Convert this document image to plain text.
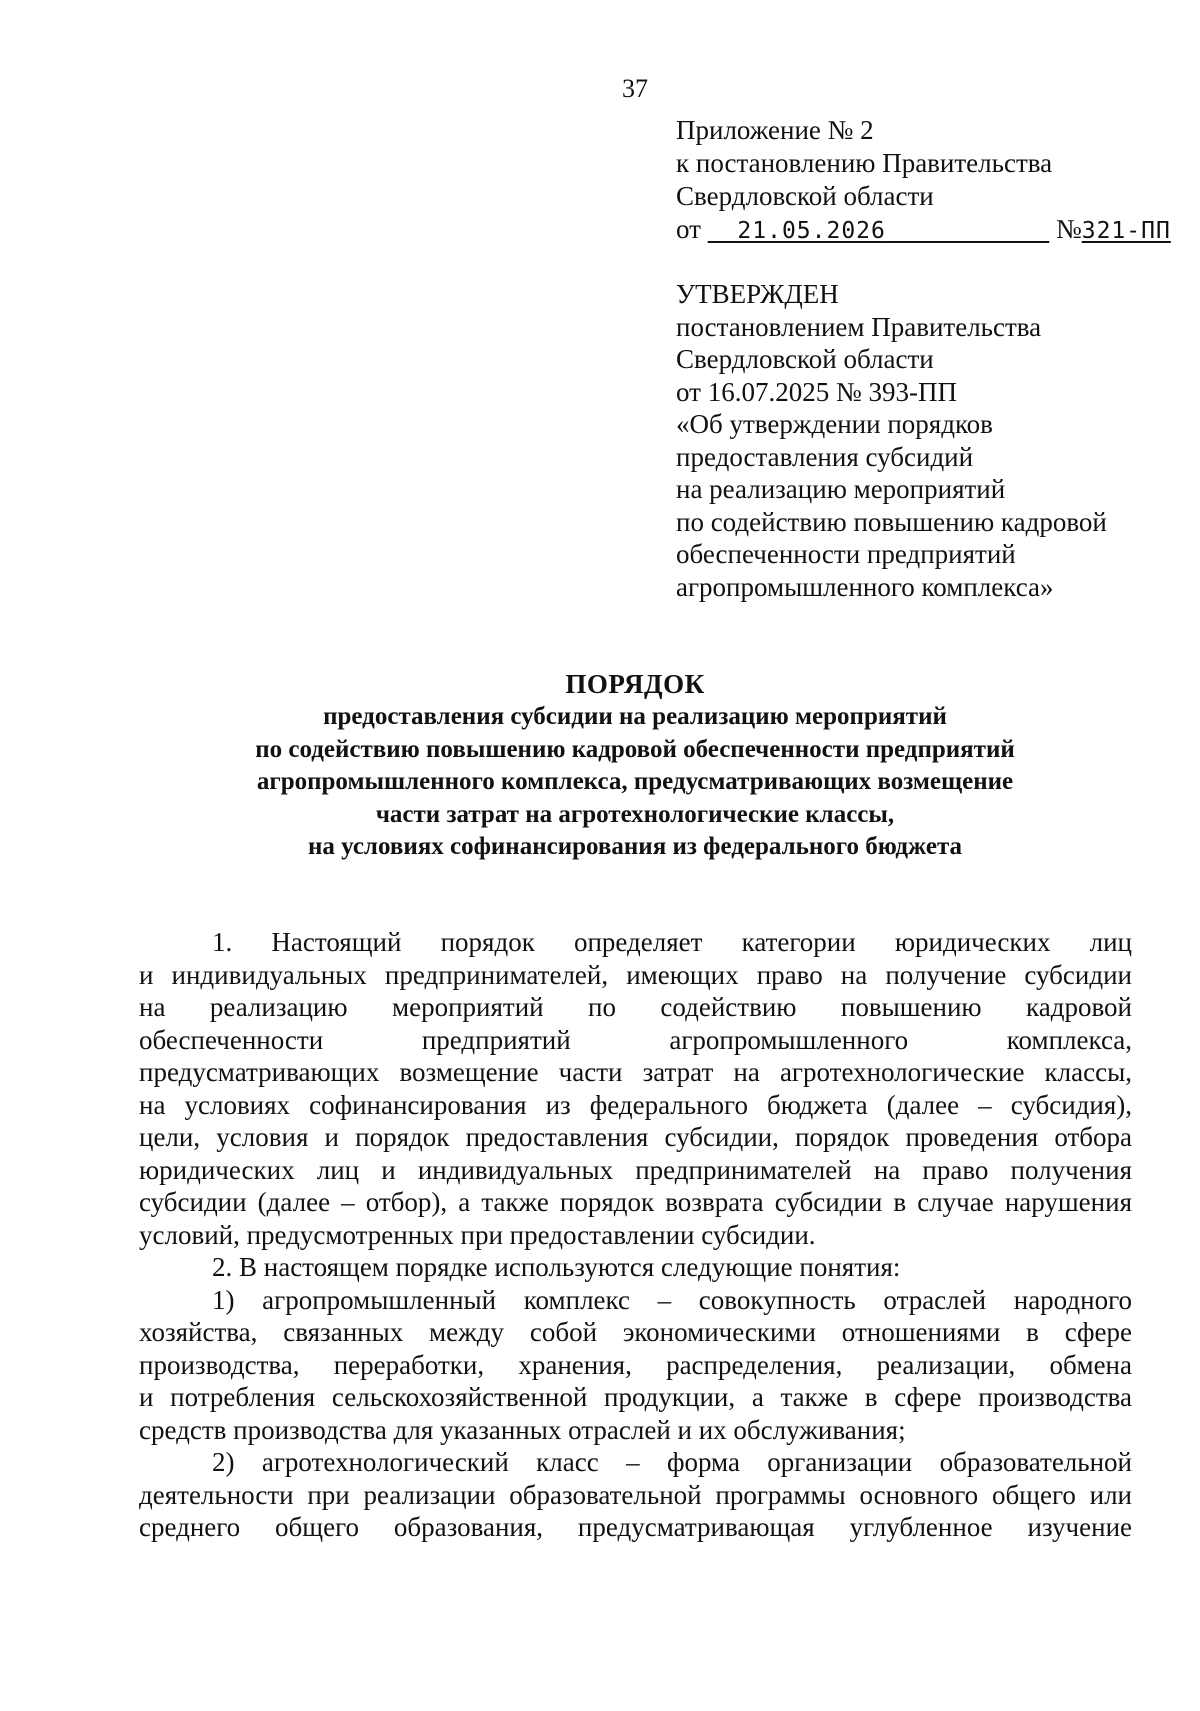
37
Приложение № 2
к постановлению Правительства
Свердловской области
от   21.05.2026	№321-ПП
УТВЕРЖДЕН
постановлением Правительства
Свердловской области
от 16.07.2025 № 393-ПП
«Об утверждении порядков
предоставления субсидий
на реализацию мероприятий
по содействию повышению кадровой
обеспеченности предприятий
агропромышленного комплекса»
ПОРЯДОК
предоставления субсидии на реализацию мероприятий
по содействию повышению кадровой обеспеченности предприятий
агропромышленного комплекса, предусматривающих возмещение
части затрат на агротехнологические классы,
на условиях софинансирования из федерального бюджета
1. Настоящий порядок определяет категории юридических лиц
и индивидуальных предпринимателей, имеющих право на получение субсидии
на реализацию мероприятий по содействию повышению кадровой
обеспеченности предприятий агропромышленного комплекса,
предусматривающих возмещение части затрат на агротехнологические классы,
на условиях софинансирования из федерального бюджета (далее – субсидия),
цели, условия и порядок предоставления субсидии, порядок проведения отбора
юридических лиц и индивидуальных предпринимателей на право получения
субсидии (далее – отбор), а также порядок возврата субсидии в случае нарушения
условий, предусмотренных при предоставлении субсидии.
2. В настоящем порядке используются следующие понятия:
1) агропромышленный комплекс – совокупность отраслей народного
хозяйства, связанных между собой экономическими отношениями в сфере
производства, переработки, хранения, распределения, реализации, обмена
и потребления сельскохозяйственной продукции, а также в сфере производства
средств производства для указанных отраслей и их обслуживания;
2) агротехнологический класс – форма организации образовательной
деятельности при реализации образовательной программы основного общего или
среднего общего образования, предусматривающая углубленное изучение
